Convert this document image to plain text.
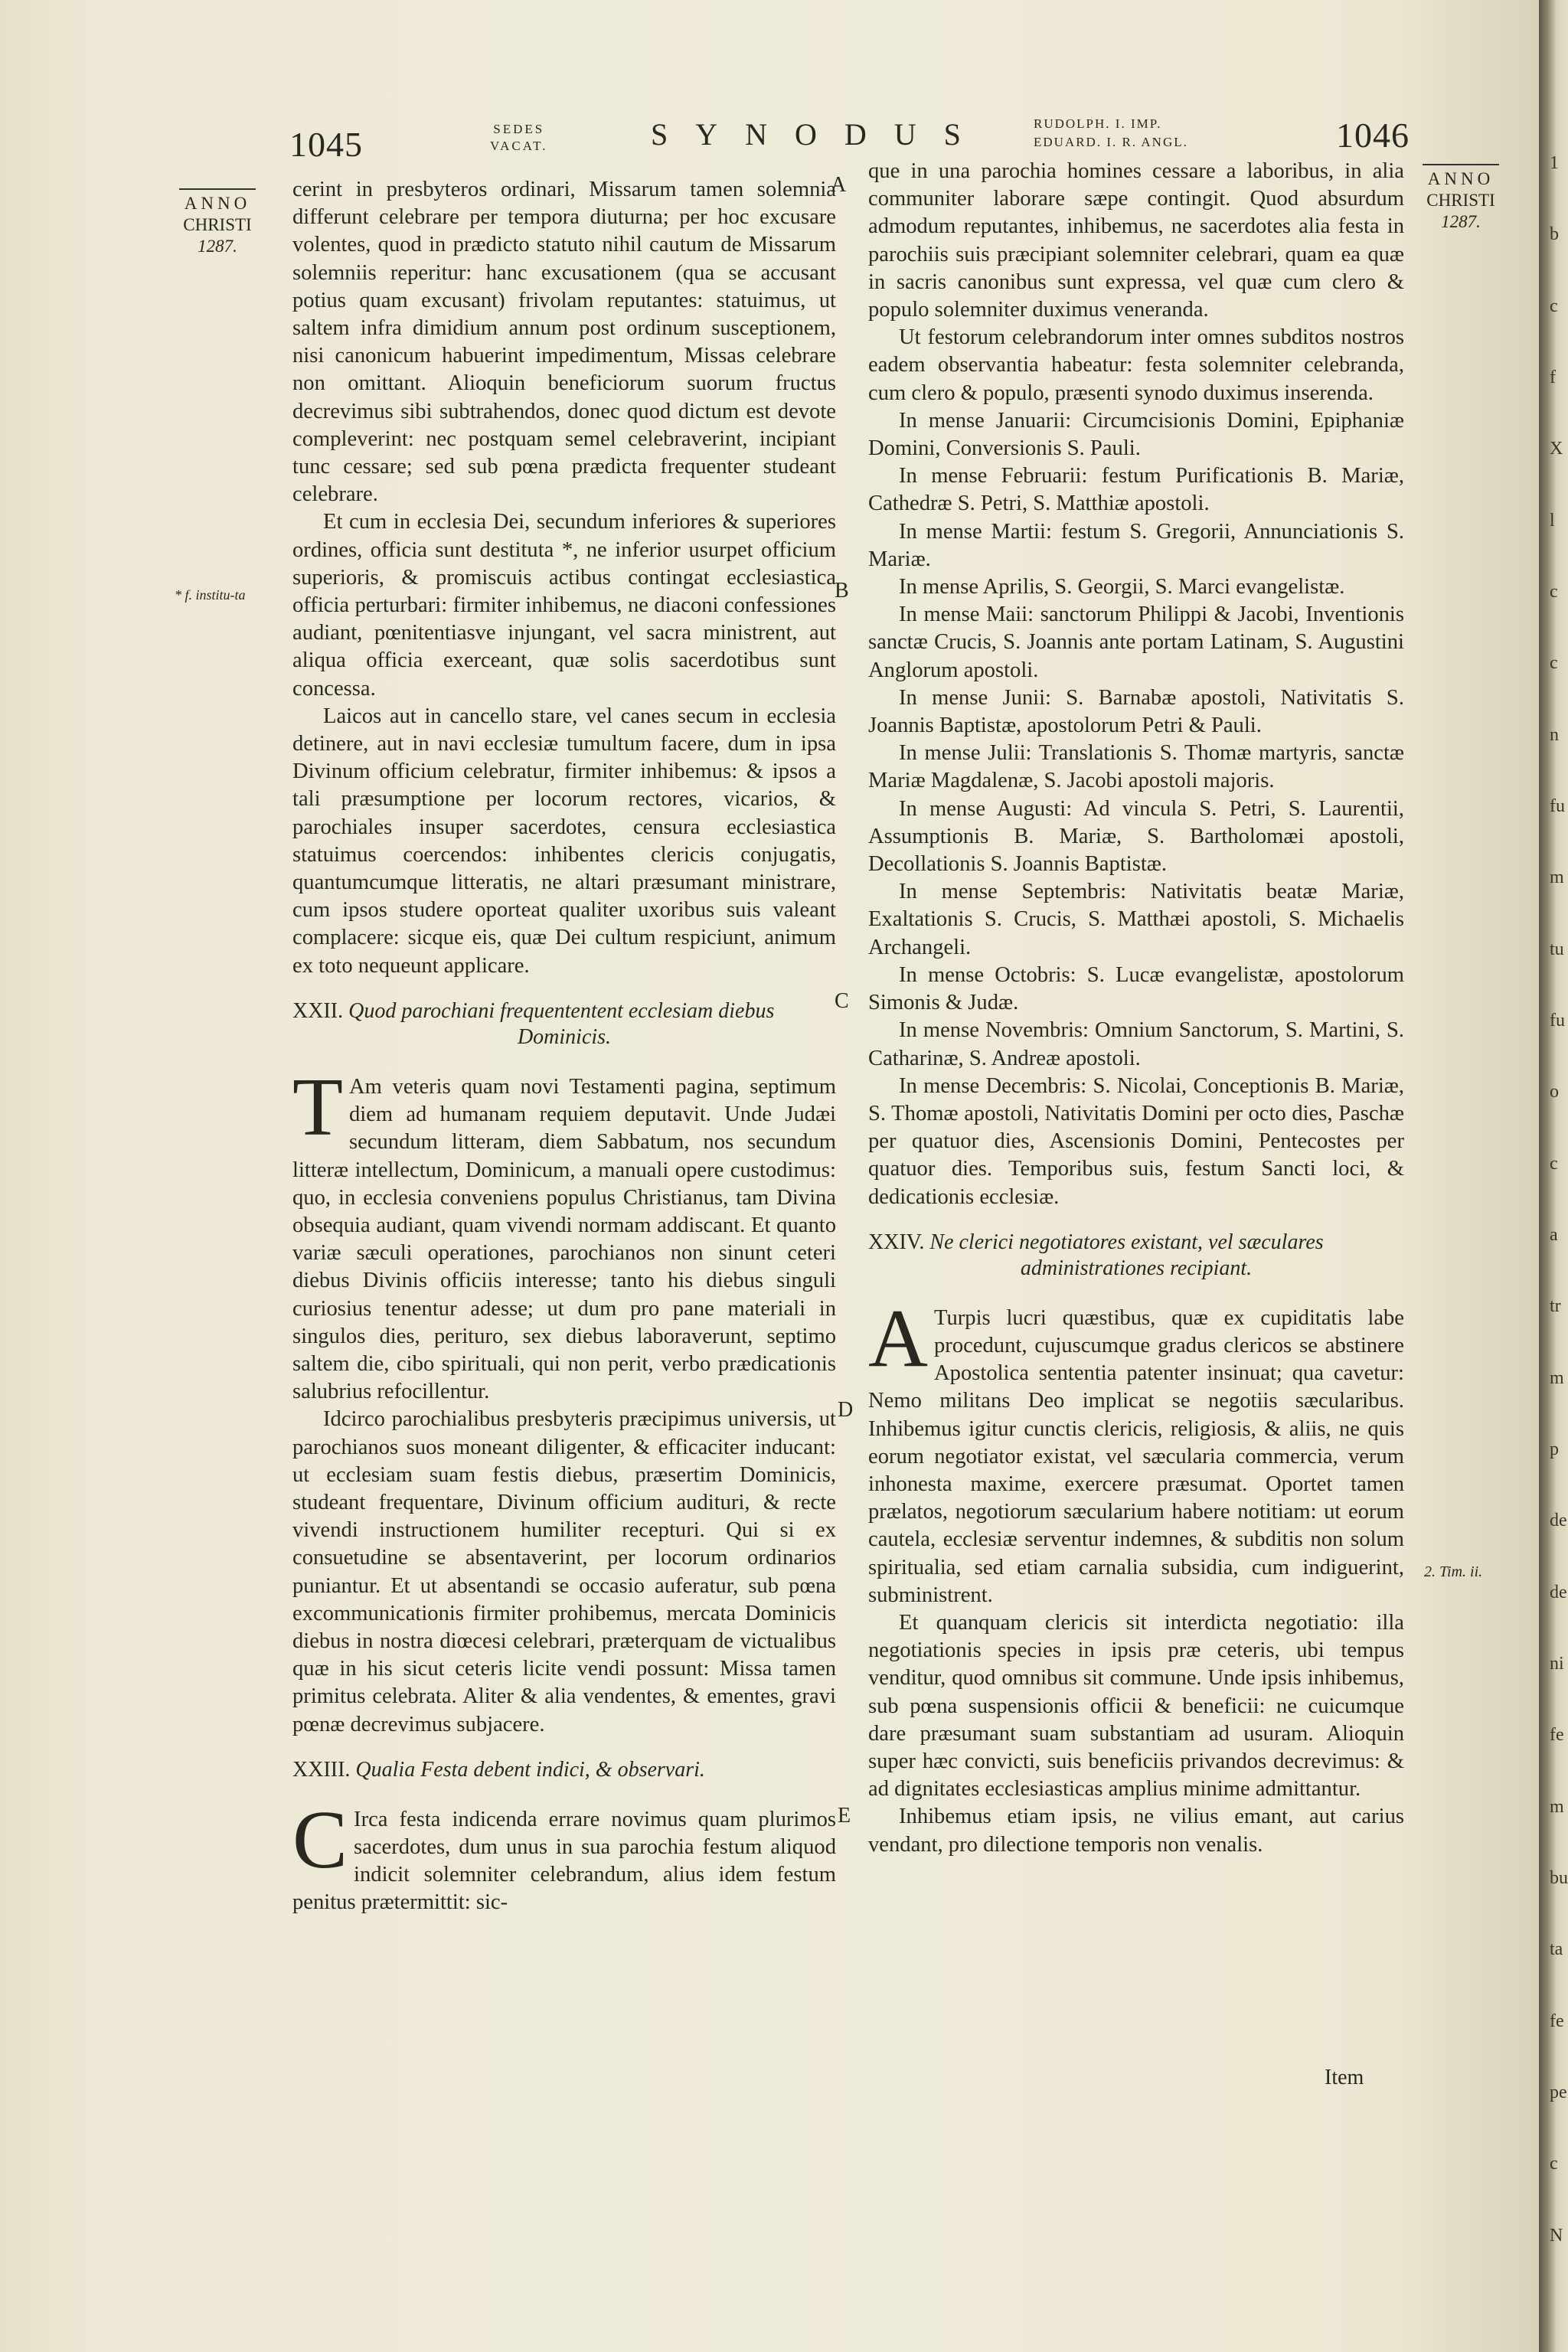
1045	SEDES
VACAT.	SYNODUS	RUDOLPH. I. IMP.
EDUARD. I. R. ANGL.	1046
ANNO
CHRISTI
1287.
ANNO
CHRISTI
1287.
* f. institu-ta
2. Tim. ii.
A
B
C
D
E

cerint in presbyteros ordinari, Missarum tamen solemnia differunt celebrare per tempora diuturna; per hoc excusare volentes, quod in prædicto statuto nihil cautum de Missarum solemniis reperitur: hanc excusationem (qua se accusant potius quam excusant) frivolam reputantes: statuimus, ut saltem infra dimidium annum post ordinum susceptionem, nisi canonicum habuerint impedimentum, Missas celebrare non omittant. Alioquin beneficiorum suorum fructus decrevimus sibi subtrahendos, donec quod dictum est devote compleverint: nec postquam semel celebraverint, incipiant tunc cessare; sed sub pœna prædicta frequenter studeant celebrare.

Et cum in ecclesia Dei, secundum inferiores & superiores ordines, officia sunt destituta *, ne inferior usurpet officium superioris, & promiscuis actibus contingat ecclesiastica officia perturbari: firmiter inhibemus, ne diaconi confessiones audiant, pœnitentiasve injungant, vel sacra ministrent, aut aliqua officia exerceant, quæ solis sacerdotibus sunt concessa.

Laicos aut in cancello stare, vel canes secum in ecclesia detinere, aut in navi ecclesiæ tumultum facere, dum in ipsa Divinum officium celebratur, firmiter inhibemus: & ipsos a tali præsumptione per locorum rectores, vicarios, & parochiales insuper sacerdotes, censura ecclesiastica statuimus coercendos: inhibentes clericis conjugatis, quantumcumque litteratis, ne altari præsumant ministrare, cum ipsos studere oporteat qualiter uxoribus suis valeant complacere: sicque eis, quæ Dei cultum respiciunt, animum ex toto nequeunt applicare.

XXII. Quod parochiani frequententent ecclesiam diebus
Dominicis.

T Am veteris quam novi Testamenti pagina, septimum diem ad humanam requiem deputavit. Unde Judæi secundum litteram, diem Sabbatum, nos secundum litteræ intellectum, Dominicum, a manuali opere custodimus: quo, in ecclesia conveniens populus Christianus, tam Divina obsequia audiant, quam vivendi normam addiscant. Et quanto variæ sæculi operationes, parochianos non sinunt ceteri diebus Divinis officiis interesse; tanto his diebus singuli curiosius tenentur adesse; ut dum pro pane materiali in singulos dies, perituro, sex diebus laboraverunt, septimo saltem die, cibo spirituali, qui non perit, verbo prædicationis salubrius refocillentur.

Idcirco parochialibus presbyteris præcipimus universis, ut parochianos suos moneant diligenter, & efficaciter inducant: ut ecclesiam suam festis diebus, præsertim Dominicis, studeant frequentare, Divinum officium audituri, & recte vivendi instructionem humiliter recepturi. Qui si ex consuetudine se absentaverint, per locorum ordinarios puniantur. Et ut absentandi se occasio auferatur, sub pœna excommunicationis firmiter prohibemus, mercata Dominicis diebus in nostra diœcesi celebrari, præterquam de victualibus quæ in his sicut ceteris licite vendi possunt: Missa tamen primitus celebrata. Aliter & alia vendentes, & ementes, gravi pœnæ decrevimus subjacere.

XXIII. Qualia Festa debent indici, & observari.

C Irca festa indicenda errare novimus quam plurimos sacerdotes, dum unus in sua parochia festum aliquod indicit solemniter celebrandum, alius idem festum penitus prætermittit: sic-

que in una parochia homines cessare a laboribus, in alia communiter laborare sæpe contingit. Quod absurdum admodum reputantes, inhibemus, ne sacerdotes alia festa in parochiis suis præcipiant solemniter celebrari, quam ea quæ in sacris canonibus sunt expressa, vel quæ cum clero & populo solemniter duximus veneranda.

Ut festorum celebrandorum inter omnes subditos nostros eadem observantia habeatur: festa solemniter celebranda, cum clero & populo, præsenti synodo duximus inserenda.

In mense Januarii: Circumcisionis Domini, Epiphaniæ Domini, Conversionis S. Pauli.

In mense Februarii: festum Purificationis B. Mariæ, Cathedræ S. Petri, S. Matthiæ apostoli.

In mense Martii: festum S. Gregorii, Annunciationis S. Mariæ.

In mense Aprilis, S. Georgii, S. Marci evangelistæ.

In mense Maii: sanctorum Philippi & Jacobi, Inventionis sanctæ Crucis, S. Joannis ante portam Latinam, S. Augustini Anglorum apostoli.

In mense Junii: S. Barnabæ apostoli, Nativitatis S. Joannis Baptistæ, apostolorum Petri & Pauli.

In mense Julii: Translationis S. Thomæ martyris, sanctæ Mariæ Magdalenæ, S. Jacobi apostoli majoris.

In mense Augusti: Ad vincula S. Petri, S. Laurentii, Assumptionis B. Mariæ, S. Bartholomæi apostoli, Decollationis S. Joannis Baptistæ.

In mense Septembris: Nativitatis beatæ Mariæ, Exaltationis S. Crucis, S. Matthæi apostoli, S. Michaelis Archangeli.

In mense Octobris: S. Lucæ evangelistæ, apostolorum Simonis & Judæ.

In mense Novembris: Omnium Sanctorum, S. Martini, S. Catharinæ, S. Andreæ apostoli.

In mense Decembris: S. Nicolai, Conceptionis B. Mariæ, S. Thomæ apostoli, Nativitatis Domini per octo dies, Paschæ per quatuor dies, Ascensionis Domini, Pentecostes per quatuor dies. Temporibus suis, festum Sancti loci, & dedicationis ecclesiæ.

XXIV. Ne clerici negotiatores existant, vel sæculares
administrationes recipiant.

A Turpis lucri quæstibus, quæ ex cupiditatis labe procedunt, cujuscumque gradus clericos se abstinere Apostolica sententia patenter insinuat; qua cavetur: Nemo militans Deo implicat se negotiis sæcularibus. Inhibemus igitur cunctis clericis, religiosis, & aliis, ne quis eorum negotiator existat, vel sæcularia commercia, verum inhonesta maxime, exercere præsumat. Oportet tamen prælatos, negotiorum sæcularium habere notitiam: ut eorum cautela, ecclesiæ serventur indemnes, & subditis non solum spiritualia, sed etiam carnalia subsidia, cum indiguerint, subministrent.

Et quanquam clericis sit interdicta negotiatio: illa negotiationis species in ipsis præ ceteris, ubi tempus venditur, quod omnibus sit commune. Unde ipsis inhibemus, sub pœna suspensionis officii & beneficii: ne cuicumque dare præsumant suam substantiam ad usuram. Alioquin super hæc convicti, suis beneficiis privandos decrevimus: & ad dignitates ecclesiasticas amplius minime admittantur.

Inhibemus etiam ipsis, ne vilius emant, aut carius vendant, pro dilectione temporis non venalis.

Item
1
b
c
f
X
l
c
c
n
fu
m
tu
fu
o
c
a
tr
m
p
de
de
ni
fe
m
bu
ta
fe
pe
c
N
